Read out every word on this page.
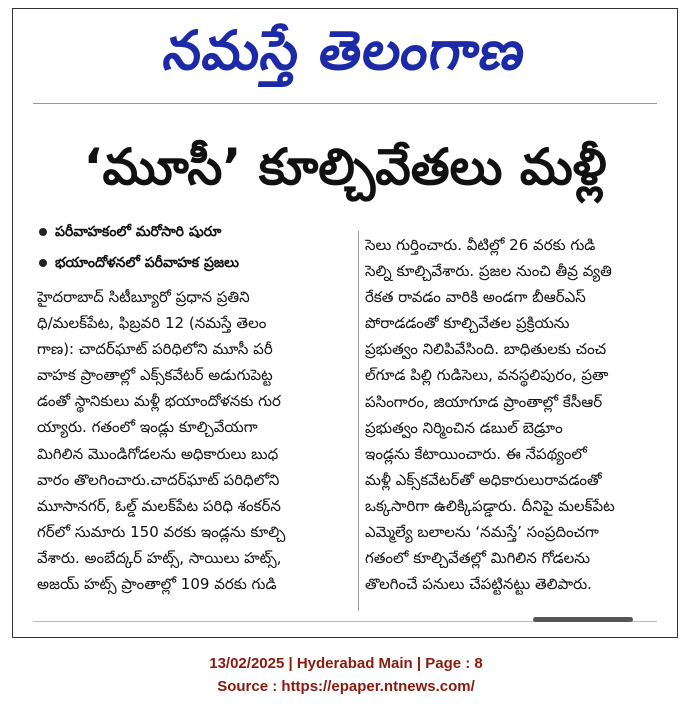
నమస్తే తెలంగాణ
‘మూసీ’ కూల్చివేతలు మళ్లీ
పరీవాహకంలో మరోసారి షురూ
భయాందోళనలో పరీవాహక ప్రజలు
హైదరాబాద్ సిటీబ్యూరో ప్రధాన ప్రతిని
ధి/మలక్‌పేట, ఫిబ్రవరి 12 (నమస్తే తెలం
గాణ): చాదర్‌ఘాట్ పరిధిలోని మూసీ పరీ
వాహక ప్రాంతాల్లో ఎక్స్‌కవేటర్ అడుగుపెట్ట
డంతో స్థానికులు మళ్లీ భయాందోళనకు గుర
య్యారు. గతంలో ఇండ్లు కూల్చివేయగా
మిగిలిన మొండిగోడలను అధికారులు బుధ
వారం తొలగించారు.చాదర్‌ఘాట్ పరిధిలోని
మూసానగర్, ఓల్డ్ మలక్‌పేట పరిధి శంకర్‌న
గర్‌లో సుమారు 150 వరకు ఇండ్లను కూల్చి
వేశారు. అంబేద్కర్ హట్స్, సాయిలు హట్స్,
అజయ్ హట్స్ ప్రాంతాల్లో 109 వరకు గుడి
సెలు గుర్తించారు. వీటిల్లో 26 వరకు గుడి
సెల్ని కూల్చివేశారు. ప్రజల నుంచి తీవ్ర వ్యతి
రేకత రావడం వారికి అండగా బీఆర్‌ఎస్
పోరాడడంతో కూల్చివేతల ప్రక్రియను
ప్రభుత్వం నిలిపివేసింది. బాధితులకు చంచ
ల్‌గూడ పిల్లి గుడిసెలు, వనస్థలిపురం, ప్రతా
పసింగారం, జియాగూడ ప్రాంతాల్లో కేసీఆర్
ప్రభుత్వం నిర్మించిన డబుల్ బెడ్రూం
ఇండ్లను కేటాయించారు. ఈ నేపథ్యంలో
మళ్లీ ఎక్స్‌కవేటర్‌తో అధికారులురావడంతో
ఒక్కసారిగా ఉలిక్కిపడ్డారు. దీనిపై మలక్‌పేట
ఎమ్మెల్యే బలాలను ‘నమస్తే’ సంప్రదించగా
గతంలో కూల్చివేతల్లో మిగిలిన గోడలను
తొలగించే పనులు చేపట్టినట్టు తెలిపారు.
13/02/2025 | Hyderabad Main | Page : 8
Source : https://epaper.ntnews.com/
